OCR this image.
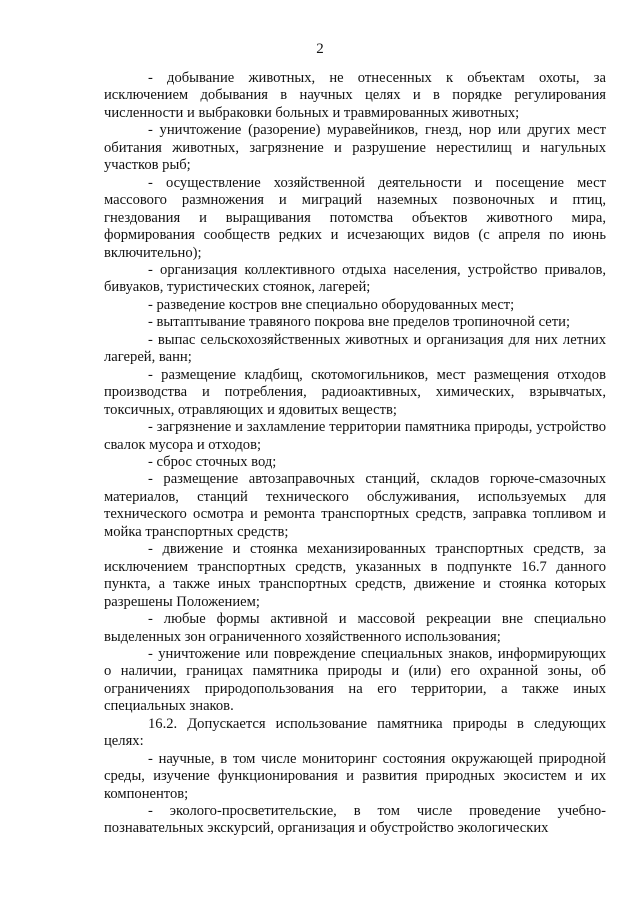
2

- добывание животных, не отнесенных к объектам охоты, за исключением добывания в научных целях и в порядке регулирования численности и выбраковки больных и травмированных животных;

- уничтожение (разорение) муравейников, гнезд, нор или других мест обитания животных, загрязнение и разрушение нерестилищ и нагульных участков рыб;

- осуществление хозяйственной деятельности и посещение мест массового размножения и миграций наземных позвоночных и птиц, гнездования и выращивания потомства объектов животного мира, формирования сообществ редких и исчезающих видов (с апреля по июнь включительно);

- организация коллективного отдыха населения, устройство привалов, бивуаков, туристических стоянок, лагерей;

- разведение костров вне специально оборудованных мест;

- вытаптывание травяного покрова вне пределов тропиночной сети;

- выпас сельскохозяйственных животных и организация для них летних лагерей, ванн;

- размещение кладбищ, скотомогильников, мест размещения отходов производства и потребления, радиоактивных, химических, взрывчатых, токсичных, отравляющих и ядовитых веществ;

- загрязнение и захламление территории памятника природы, устройство свалок мусора и отходов;

- сброс сточных вод;

- размещение автозаправочных станций, складов горюче-смазочных материалов, станций технического обслуживания, используемых для технического осмотра и ремонта транспортных средств, заправка топливом и мойка транспортных средств;

- движение и стоянка механизированных транспортных средств, за исключением транспортных средств, указанных в подпункте 16.7 данного пункта, а также иных транспортных средств, движение и стоянка которых разрешены Положением;

- любые формы активной и массовой рекреации вне специально выделенных зон ограниченного хозяйственного использования;

- уничтожение или повреждение специальных знаков, информирующих о наличии, границах памятника природы и (или) его охранной зоны, об ограничениях природопользования на его территории, а также иных специальных знаков.

16.2. Допускается использование памятника природы в следующих целях:

- научные, в том числе мониторинг состояния окружающей природной среды, изучение функционирования и развития природных экосистем и их компонентов;

- эколого-просветительские, в том числе проведение учебно-познавательных экскурсий, организация и обустройство экологических
